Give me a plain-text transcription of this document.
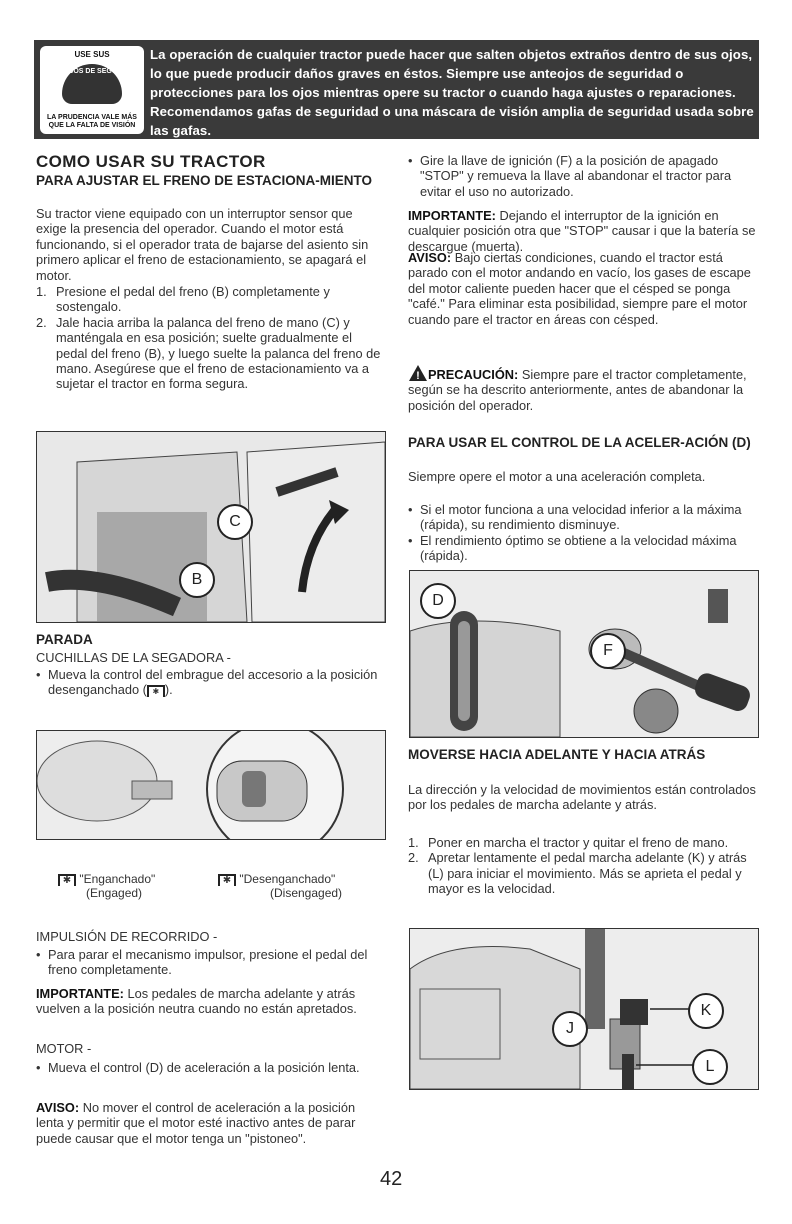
USE SUS
ANTEOJOS DE SEGURIDAD
LA PRUDENCIA VALE MÁS QUE LA FALTA DE VISIÓN
La operación de cualquier tractor puede hacer que salten objetos extraños dentro de sus ojos, lo que puede producir daños graves en éstos. Siempre use anteojos de seguridad o protecciones para los ojos mientras opere su tractor o cuando haga ajustes o reparaciones. Recomendamos gafas de seguridad o una máscara de visión amplia de seguridad usada sobre las gafas.
COMO USAR SU TRACTOR
PARA AJUSTAR EL FRENO DE ESTACIONA-MIENTO
Su tractor viene equipado con un interruptor sensor que exige la presencia del operador. Cuando el motor está funcionando, si el operador trata de bajarse del asiento sin primero aplicar el freno de estacionamiento, se apagará el motor.
1. Presione el pedal del freno (B) completamente y sostengalo.
2. Jale hacia arriba la palanca del freno de mano (C) y manténgala en esa posición; suelte gradualmente el pedal del freno (B), y luego suelte la palanca del freno de mano. Asegúrese que el freno de estacionamiento va a sujetar el tractor en forma segura.
C
B
PARADA
CUCHILLAS DE LA SEGADORA -
• Mueva la control del embrague del accesorio a la posición desenganchado ( ✱ ).
✱ "Enganchado"
(Engaged)
✱ "Desenganchado"
(Disengaged)
IMPULSIÓN DE RECORRIDO -
• Para parar el mecanismo impulsor, presione el pedal del freno completamente.
IMPORTANTE: Los pedales de marcha adelante y atrás vuelven a la posición neutra cuando no están apretados.
MOTOR -
• Mueva el control (D) de aceleración a la posición lenta.
AVISO: No mover el control de aceleración a la posición lenta y permitir que el motor esté inactivo antes de parar puede causar que el motor tenga un "pistoneo".
• Gire la llave de ignición (F) a la posición de apagado "STOP" y remueva la llave al abandonar el tractor para evitar el uso no autorizado.
IMPORTANTE: Dejando el interruptor de la ignición en cualquier posición otra que "STOP" causar i que la batería se descargue (muerta).
AVISO: Bajo ciertas condiciones, cuando el tractor está parado con el motor andando en vacío, los gases de escape del motor caliente pueden hacer que el césped se ponga "café." Para eliminar esta posibilidad, siempre pare el motor cuando pare el tractor en áreas con césped.
! PRECAUCIÓN: Siempre pare el tractor completamente, según se ha descrito anteriormente, antes de abandonar la posición del operador.
PARA USAR EL CONTROL DE LA ACELER-ACIÓN (D)
Siempre opere el motor a una aceleración completa.
• Si el motor funciona a una velocidad inferior a la máxima (rápida), su rendimiento disminuye.
• El rendimiento óptimo se obtiene a la velocidad máxima (rápida).
D
F
MOVERSE HACIA ADELANTE Y HACIA ATRÁS
La dirección y la velocidad de movimientos están controlados por los pedales de marcha adelante y atrás.
1. Poner en marcha el tractor y quitar el freno de mano.
2. Apretar lentamente el pedal marcha adelante (K) y atrás (L) para iniciar el movimiento. Más se aprieta el pedal y mayor es la velocidad.
J
K
L
42
